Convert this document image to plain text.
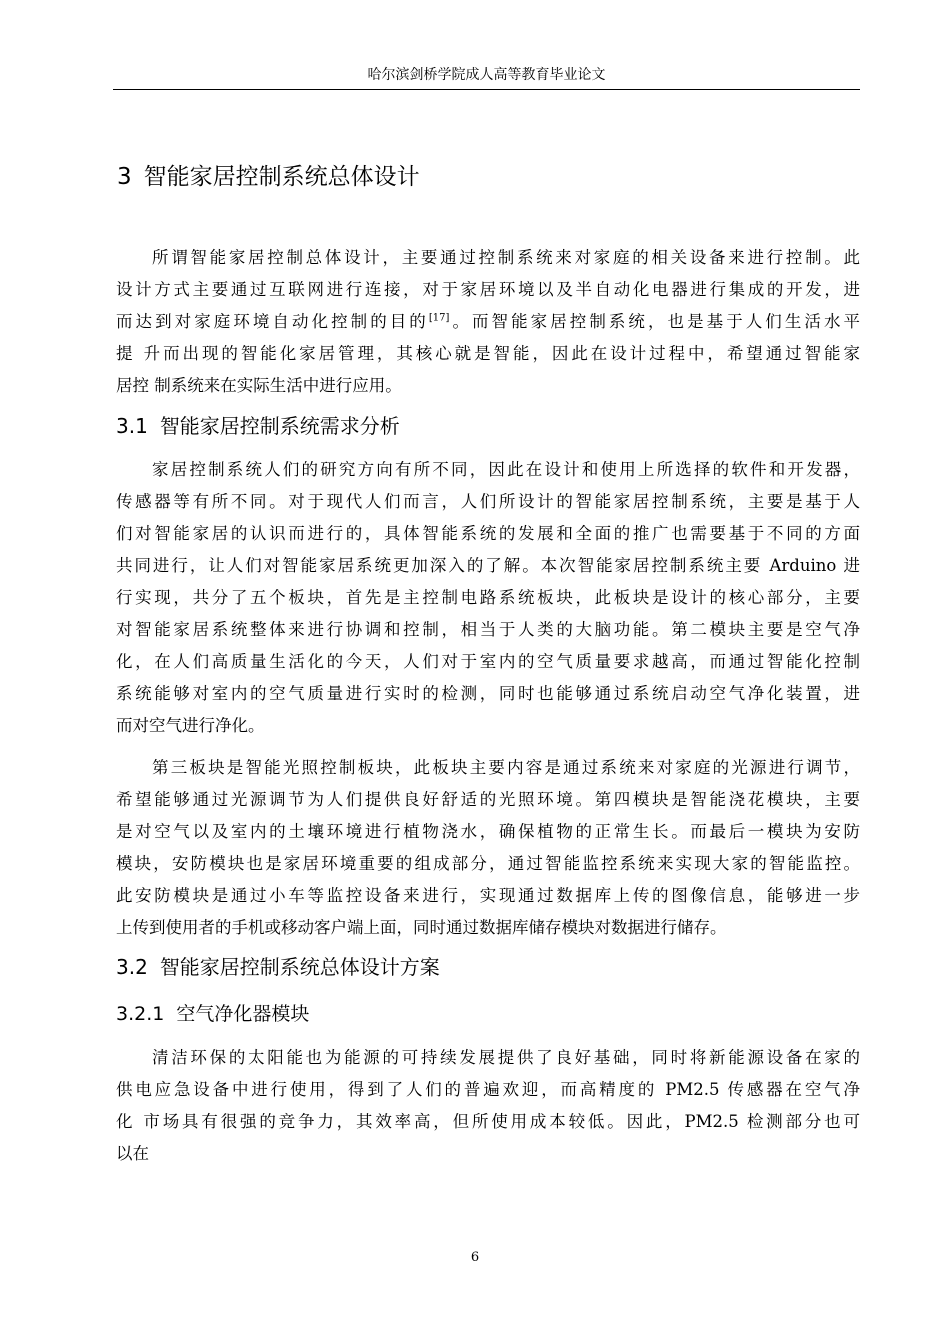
哈尔滨剑桥学院成人高等教育毕业论文
3 智能家居控制系统总体设计
所谓智能家居控制总体设计，主要通过控制系统来对家庭的相关设备来进行控制。此
设计方式主要通过互联网进行连接，对于家居环境以及半自动化电器进行集成的开发，进
而达到对家庭环境自动化控制的目的[17]。而智能家居控制系统，也是基于人们生活水平
提 升而出现的智能化家居管理，其核心就是智能，因此在设计过程中，希望通过智能家
居控 制系统来在实际生活中进行应用。
3.1 智能家居控制系统需求分析
家居控制系统人们的研究方向有所不同，因此在设计和使用上所选择的软件和开发器，
传感器等有所不同。对于现代人们而言，人们所设计的智能家居控制系统，主要是基于人
们对智能家居的认识而进行的，具体智能系统的发展和全面的推广也需要基于不同的方面
共同进行，让人们对智能家居系统更加深入的了解。本次智能家居控制系统主要 Arduino 进
行实现，共分了五个板块，首先是主控制电路系统板块，此板块是设计的核心部分，主要
对智能家居系统整体来进行协调和控制，相当于人类的大脑功能。第二模块主要是空气净
化，在人们高质量生活化的今天，人们对于室内的空气质量要求越高，而通过智能化控制
系统能够对室内的空气质量进行实时的检测，同时也能够通过系统启动空气净化装置，进
而对空气进行净化。
第三板块是智能光照控制板块，此板块主要内容是通过系统来对家庭的光源进行调节，
希望能够通过光源调节为人们提供良好舒适的光照环境。第四模块是智能浇花模块，主要
是对空气以及室内的土壤环境进行植物浇水，确保植物的正常生长。而最后一模块为安防
模块，安防模块也是家居环境重要的组成部分，通过智能监控系统来实现大家的智能监控。
此安防模块是通过小车等监控设备来进行，实现通过数据库上传的图像信息，能够进一步
上传到使用者的手机或移动客户端上面，同时通过数据库储存模块对数据进行储存。
3.2 智能家居控制系统总体设计方案
3.2.1 空气净化器模块
清洁环保的太阳能也为能源的可持续发展提供了良好基础，同时将新能源设备在家的
供电应急设备中进行使用，得到了人们的普遍欢迎，而高精度的 PM2.5 传感器在空气净
化 市场具有很强的竞争力，其效率高，但所使用成本较低。因此，PM2.5 检测部分也可
以在
6
